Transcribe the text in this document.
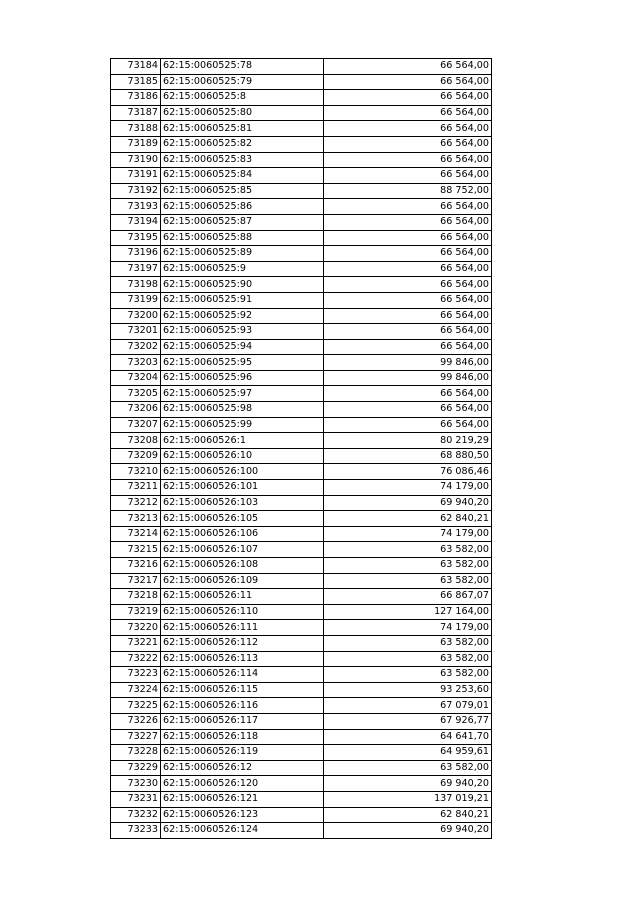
73184	62:15:0060525:78	66 564,00
73185	62:15:0060525:79	66 564,00
73186	62:15:0060525:8	66 564,00
73187	62:15:0060525:80	66 564,00
73188	62:15:0060525:81	66 564,00
73189	62:15:0060525:82	66 564,00
73190	62:15:0060525:83	66 564,00
73191	62:15:0060525:84	66 564,00
73192	62:15:0060525:85	88 752,00
73193	62:15:0060525:86	66 564,00
73194	62:15:0060525:87	66 564,00
73195	62:15:0060525:88	66 564,00
73196	62:15:0060525:89	66 564,00
73197	62:15:0060525:9	66 564,00
73198	62:15:0060525:90	66 564,00
73199	62:15:0060525:91	66 564,00
73200	62:15:0060525:92	66 564,00
73201	62:15:0060525:93	66 564,00
73202	62:15:0060525:94	66 564,00
73203	62:15:0060525:95	99 846,00
73204	62:15:0060525:96	99 846,00
73205	62:15:0060525:97	66 564,00
73206	62:15:0060525:98	66 564,00
73207	62:15:0060525:99	66 564,00
73208	62:15:0060526:1	80 219,29
73209	62:15:0060526:10	68 880,50
73210	62:15:0060526:100	76 086,46
73211	62:15:0060526:101	74 179,00
73212	62:15:0060526:103	69 940,20
73213	62:15:0060526:105	62 840,21
73214	62:15:0060526:106	74 179,00
73215	62:15:0060526:107	63 582,00
73216	62:15:0060526:108	63 582,00
73217	62:15:0060526:109	63 582,00
73218	62:15:0060526:11	66 867,07
73219	62:15:0060526:110	127 164,00
73220	62:15:0060526:111	74 179,00
73221	62:15:0060526:112	63 582,00
73222	62:15:0060526:113	63 582,00
73223	62:15:0060526:114	63 582,00
73224	62:15:0060526:115	93 253,60
73225	62:15:0060526:116	67 079,01
73226	62:15:0060526:117	67 926,77
73227	62:15:0060526:118	64 641,70
73228	62:15:0060526:119	64 959,61
73229	62:15:0060526:12	63 582,00
73230	62:15:0060526:120	69 940,20
73231	62:15:0060526:121	137 019,21
73232	62:15:0060526:123	62 840,21
73233	62:15:0060526:124	69 940,20
